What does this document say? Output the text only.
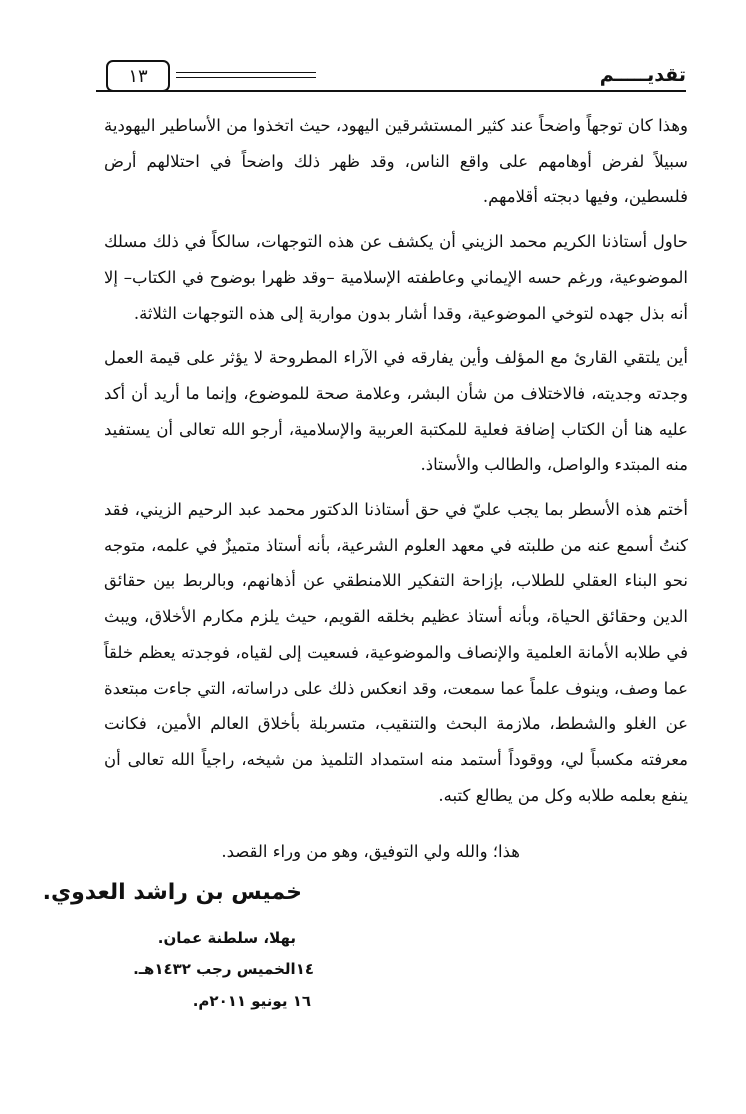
تقديـــــم
١٣

وهذا كان توجهاً واضحاً عند كثير المستشرقين اليهود، حيث اتخذوا من الأساطير اليهودية سبيلاً لفرض أوهامهم على واقع الناس، وقد ظهر ذلك واضحاً في احتلالهم أرض فلسطين، وفيها دبجته أقلامهم.

حاول أستاذنا الكريم محمد الزيني أن يكشف عن هذه التوجهات، سالكاً في ذلك مسلك الموضوعية، ورغم حسه الإيماني وعاطفته الإسلامية –وقد ظهرا بوضوح في الكتاب– إلا أنه بذل جهده لتوخي الموضوعية، وقدا أشار بدون مواربة إلى هذه التوجهات الثلاثة.

أين يلتقي القارئ مع المؤلف وأين يفارقه في الآراء المطروحة لا يؤثر على قيمة العمل وجدته وجديته، فالاختلاف من شأن البشر، وعلامة صحة للموضوع، وإنما ما أريد أن أكد عليه هنا أن الكتاب إضافة فعلية للمكتبة العربية والإسلامية، أرجو الله تعالى أن يستفيد منه المبتدء والواصل، والطالب والأستاذ.

أختم هذه الأسطر بما يجب عليّ في حق أستاذنا الدكتور محمد عبد الرحيم الزيني، فقد كنتُ أسمع عنه من طلبته في معهد العلوم الشرعية، بأنه أستاذ متميزٌ في علمه، متوجه نحو البناء العقلي للطلاب، بإزاحة التفكير اللامنطقي عن أذهانهم، وبالربط بين حقائق الدين وحقائق الحياة، وبأنه أستاذ عظيم بخلقه القويم، حيث يلزم مكارم الأخلاق، ويبث في طلابه الأمانة العلمية والإنصاف والموضوعية، فسعيت إلى لقياه، فوجدته يعظم خلقاً عما وصف، وينوف علماً عما سمعت، وقد انعكس ذلك على دراساته، التي جاءت مبتعدة عن الغلو والشطط، ملازمة البحث والتنقيب، متسربلة بأخلاق العالم الأمين، فكانت معرفته مكسباً لي، ووقوداً أستمد منه استمداد التلميذ من شيخه، راجياً الله تعالى أن ينفع بعلمه طلابه وكل من يطالع كتبه.

هذا؛ والله ولي التوفيق، وهو من وراء القصد.
خميس بن راشد العدوي.
بهلا، سلطنة عمان.
١٤الخميس رجب ١٤٣٢هـ.
١٦ يونيو ٢٠١١م.
